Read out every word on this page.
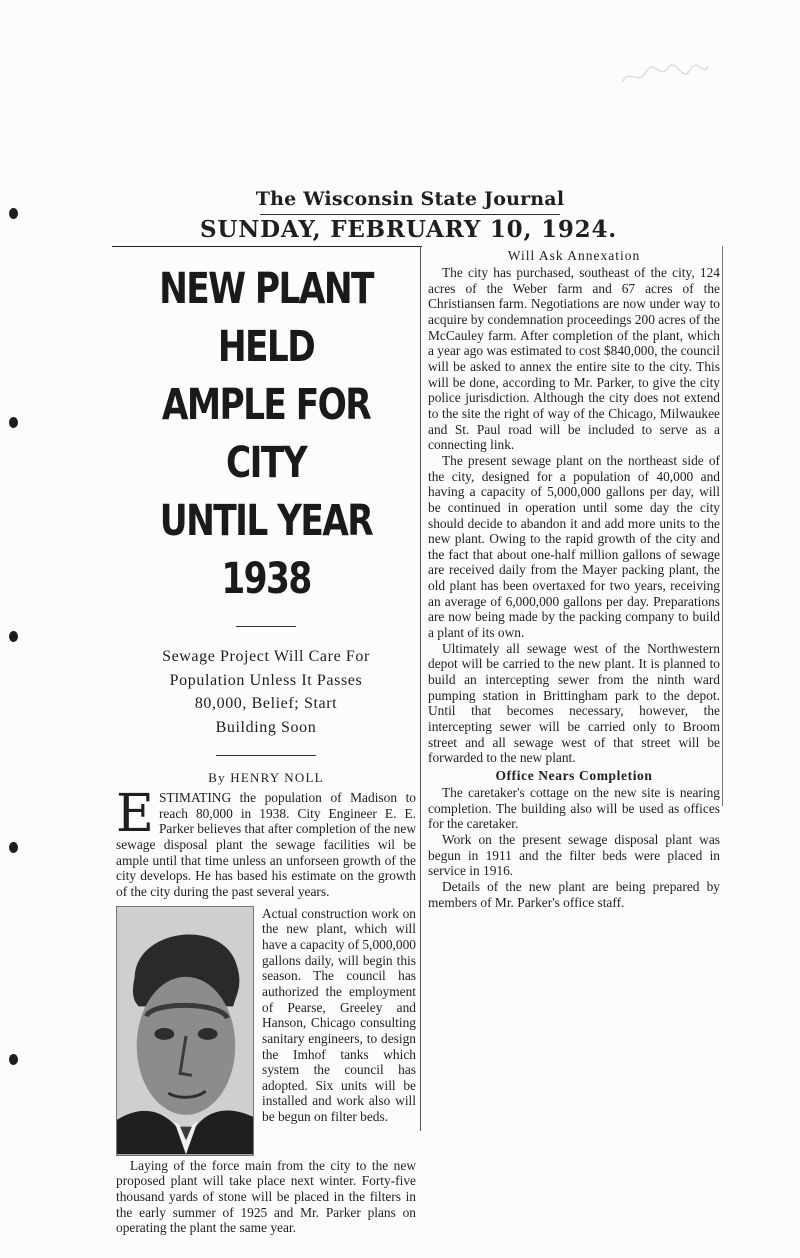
The Wisconsin State Journal
SUNDAY, FEBRUARY 10, 1924.
NEW PLANT HELD
AMPLE FOR CITY
UNTIL YEAR 1938
Sewage Project Will Care For
Population Unless It Passes
80,000, Belief; Start
Building Soon
By HENRY NOLL
E STIMATING the population of Madison to reach 80,000 in 1938. City Engineer E. E. Parker believes that after completion of the new sewage disposal plant the sewage facilities wil be ample until that time unless an unforseen growth of the city develops. He has based his estimate on the growth of the city during the past several years.

Actual construction work on the new plant, which will have a capacity of 5,000,000 gallons daily, will begin this season. The council has authorized the employment of Pearse, Greeley and Hanson, Chicago consulting sanitary engineers, to design the Imhof tanks which system the council has adopted. Six units will be installed and work also will be begun on filter beds.

Laying of the force main from the city to the new proposed plant will take place next winter. Forty-five thousand yards of stone will be placed in the filters in the early summer of 1925 and Mr. Parker plans on operating the plant the same year.

Will Ask Annexation

The city has purchased, southeast of the city, 124 acres of the Weber farm and 67 acres of the Christiansen farm. Negotiations are now under way to acquire by condemnation proceedings 200 acres of the McCauley farm. After completion of the plant, which a year ago was estimated to cost $840,000, the council will be asked to annex the entire site to the city. This will be done, according to Mr. Parker, to give the city police jurisdiction. Although the city does not extend to the site the right of way of the Chicago, Milwaukee and St. Paul road will be included to serve as a connecting link.

The present sewage plant on the northeast side of the city, designed for a population of 40,000 and having a capacity of 5,000,000 gallons per day, will be continued in operation until some day the city should decide to abandon it and add more units to the new plant. Owing to the rapid growth of the city and the fact that about one-half million gallons of sewage are received daily from the Mayer packing plant, the old plant has been overtaxed for two years, receiving an average of 6,000,000 gallons per day. Preparations are now being made by the packing company to build a plant of its own.

Ultimately all sewage west of the Northwestern depot will be carried to the new plant. It is planned to build an intercepting sewer from the ninth ward pumping station in Brittingham park to the depot. Until that becomes necessary, however, the intercepting sewer will be carried only to Broom street and all sewage west of that street will be forwarded to the new plant.

Office Nears Completion

The caretaker's cottage on the new site is nearing completion. The building also will be used as offices for the caretaker.

Work on the present sewage disposal plant was begun in 1911 and the filter beds were placed in service in 1916.

Details of the new plant are being prepared by members of Mr. Parker's office staff.
